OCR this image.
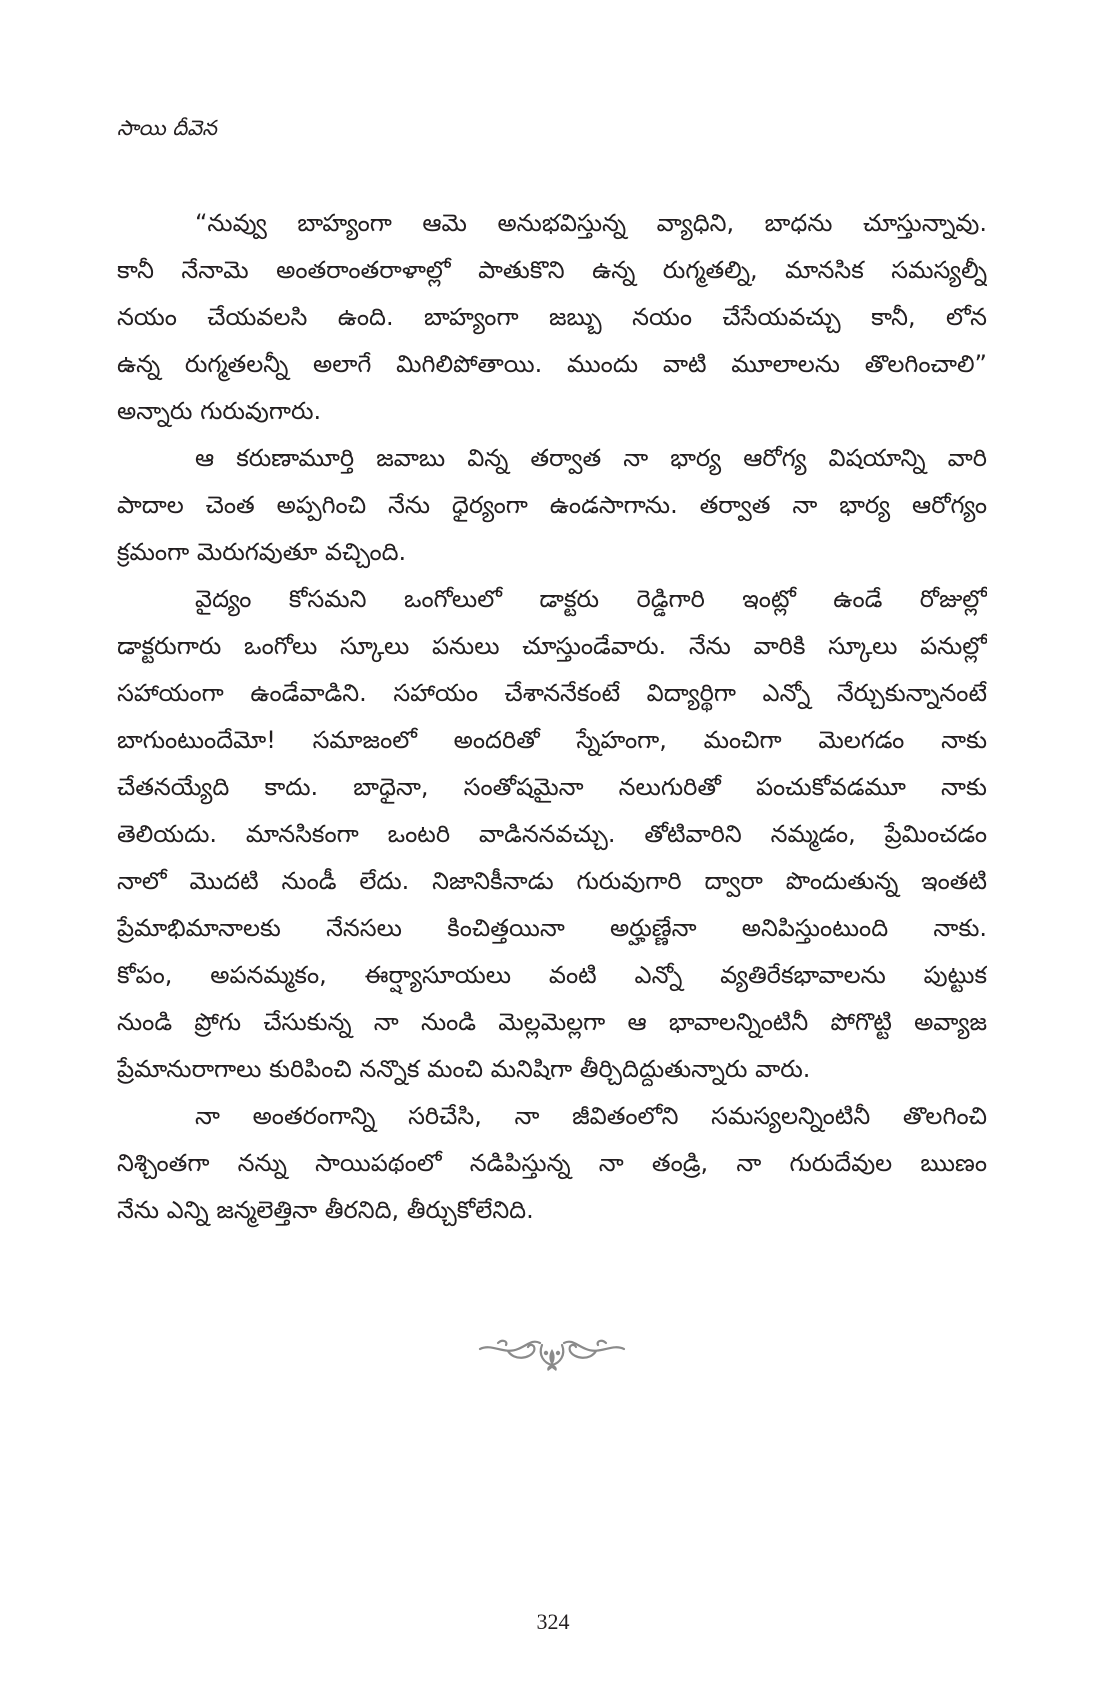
సాయి దీవెన
“నువ్వు బాహ్యంగా ఆమె అనుభవిస్తున్న వ్యాధిని, బాధను చూస్తున్నావు.
కానీ నేనామె అంతరాంతరాళాల్లో పాతుకొని ఉన్న రుగ్మతల్ని, మానసిక సమస్యల్నీ
నయం చేయవలసి ఉంది. బాహ్యంగా జబ్బు నయం చేసేయవచ్చు కానీ, లోన
ఉన్న రుగ్మతలన్నీ అలాగే మిగిలిపోతాయి. ముందు వాటి మూలాలను తొలగించాలి”
అన్నారు గురువుగారు.
ఆ కరుణామూర్తి జవాబు విన్న తర్వాత నా భార్య ఆరోగ్య విషయాన్ని వారి
పాదాల చెంత అప్పగించి నేను ధైర్యంగా ఉండసాగాను. తర్వాత నా భార్య ఆరోగ్యం
క్రమంగా మెరుగవుతూ వచ్చింది.
వైద్యం కోసమని ఒంగోలులో డాక్టరు రెడ్డిగారి ఇంట్లో ఉండే రోజుల్లో
డాక్టరుగారు ఒంగోలు స్కూలు పనులు చూస్తుండేవారు. నేను వారికి స్కూలు పనుల్లో
సహాయంగా ఉండేవాడిని. సహాయం చేశాననేకంటే విద్యార్థిగా ఎన్నో నేర్చుకున్నానంటే
బాగుంటుందేమో! సమాజంలో అందరితో స్నేహంగా, మంచిగా మెలగడం నాకు
చేతనయ్యేది కాదు. బాధైనా, సంతోషమైనా నలుగురితో పంచుకోవడమూ నాకు
తెలియదు. మానసికంగా ఒంటరి వాడిననవచ్చు. తోటివారిని నమ్మడం, ప్రేమించడం
నాలో మొదటి నుండీ లేదు. నిజానికీనాడు గురువుగారి ద్వారా పొందుతున్న ఇంతటి
ప్రేమాభిమానాలకు నేనసలు కించిత్తయినా అర్హుణ్ణేనా అనిపిస్తుంటుంది నాకు.
కోపం, అపనమ్మకం, ఈర్ష్యాసూయలు వంటి ఎన్నో వ్యతిరేకభావాలను పుట్టుక
నుండి ప్రోగు చేసుకున్న నా నుండి మెల్లమెల్లగా ఆ భావాలన్నింటినీ పోగొట్టి అవ్యాజ
ప్రేమానురాగాలు కురిపించి నన్నొక మంచి మనిషిగా తీర్చిదిద్దుతున్నారు వారు.
నా అంతరంగాన్ని సరిచేసి, నా జీవితంలోని సమస్యలన్నింటినీ తొలగించి
నిశ్చింతగా నన్ను సాయిపథంలో నడిపిస్తున్న నా తండ్రి, నా గురుదేవుల ఋణం
నేను ఎన్ని జన్మలెత్తినా తీరనిది, తీర్చుకోలేనిది.
324
